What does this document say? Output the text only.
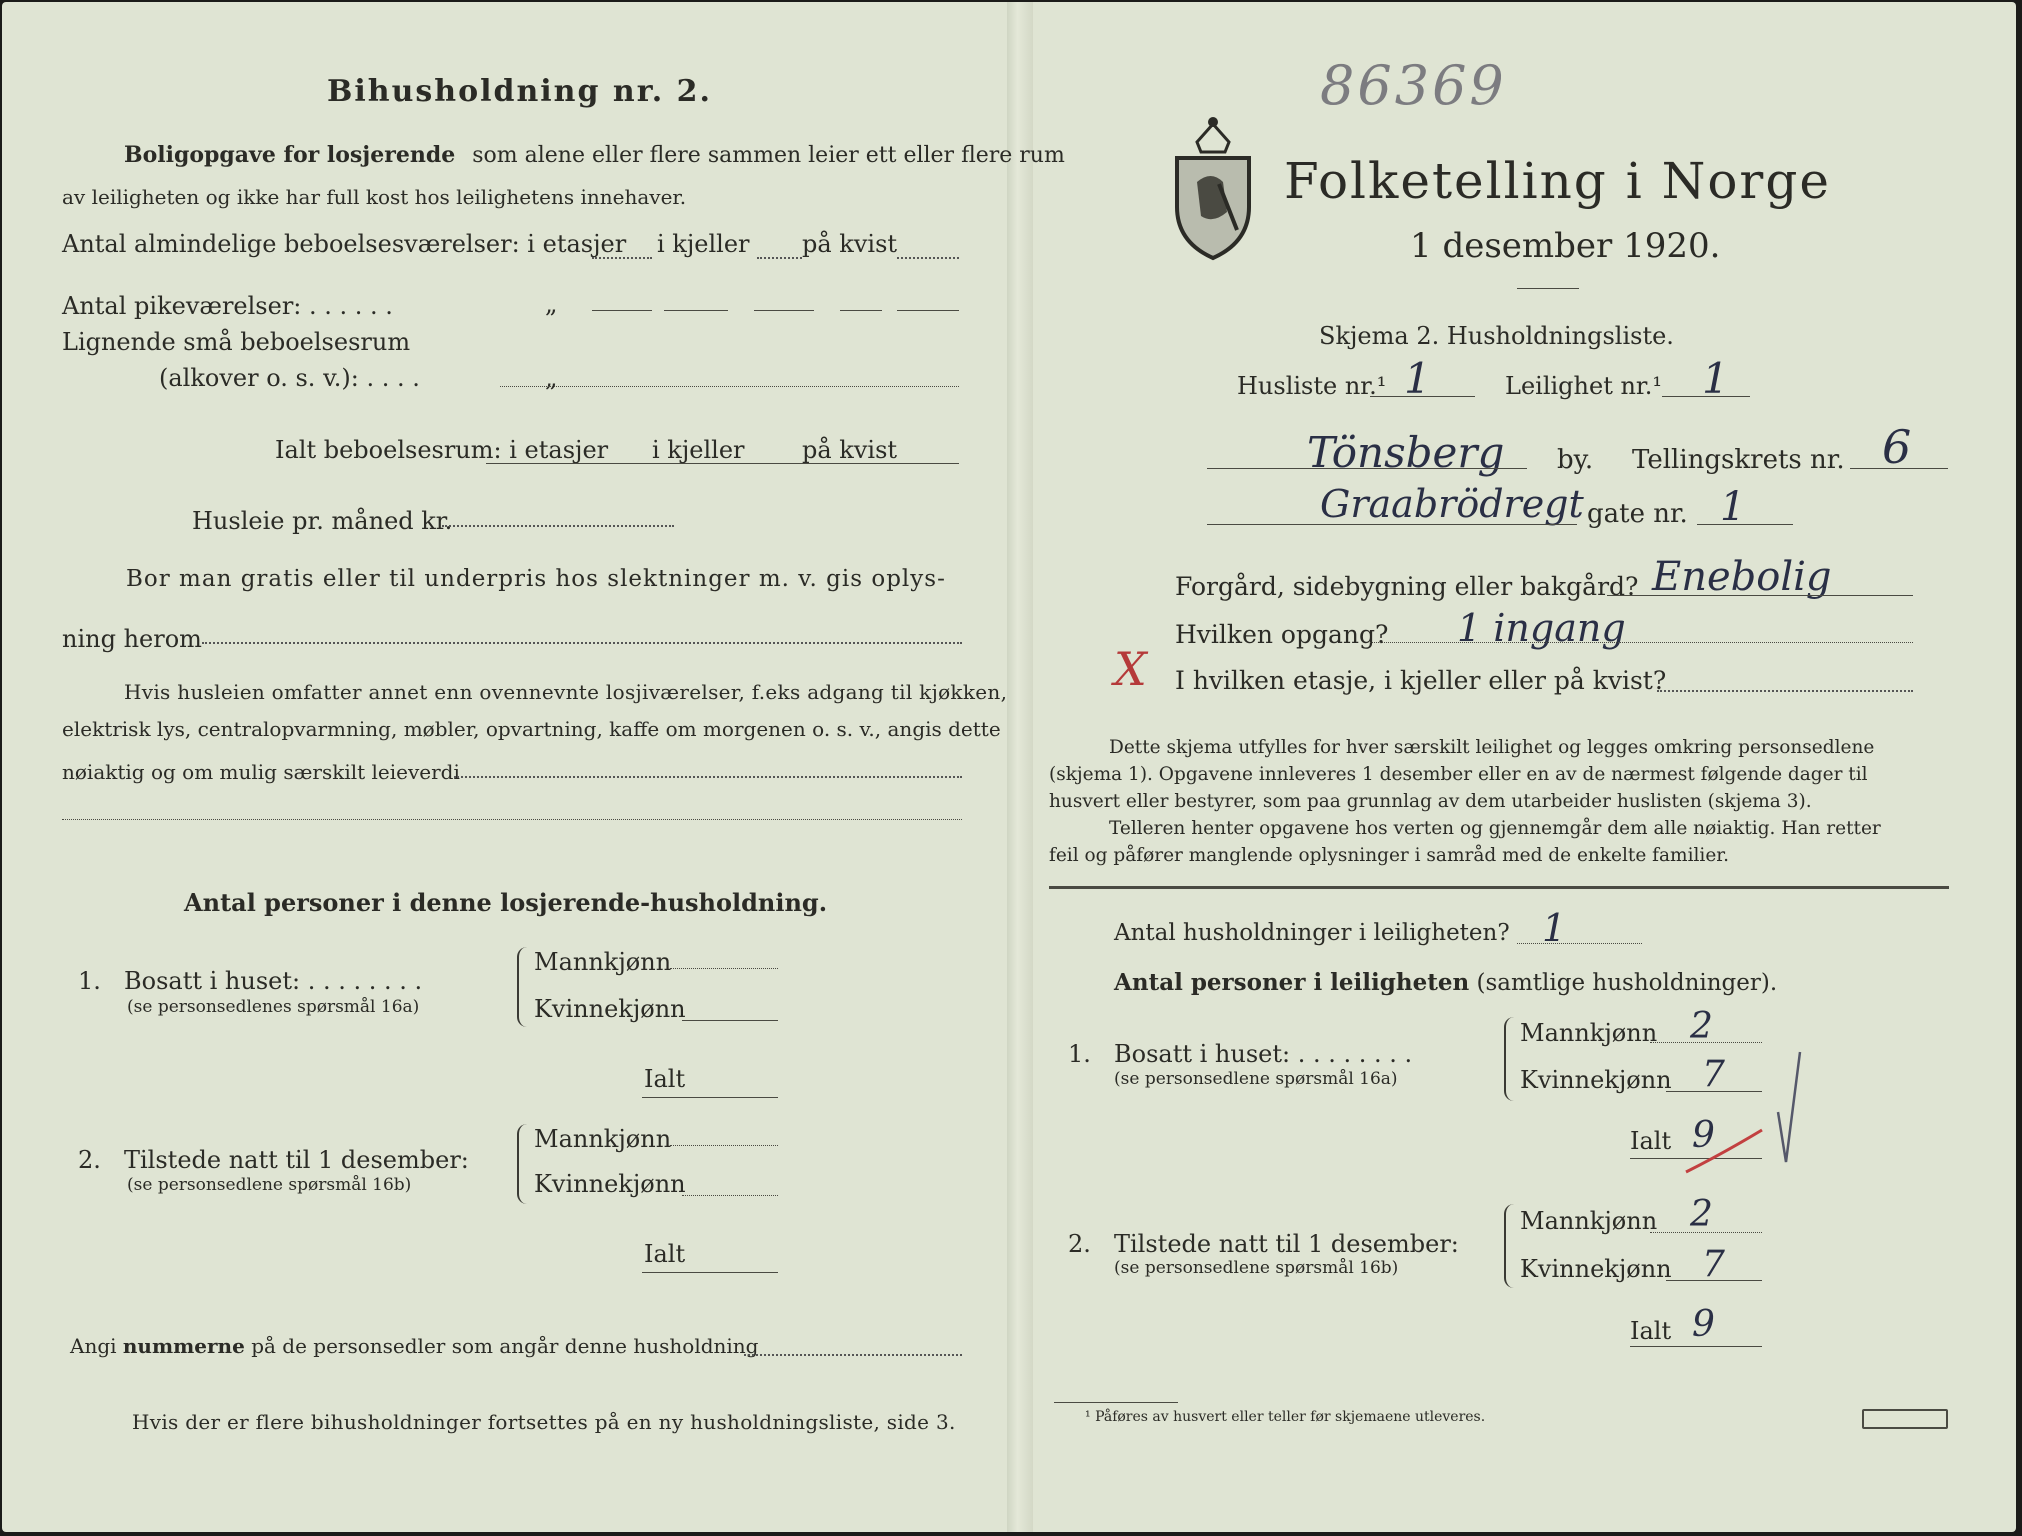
86369
Bihusholdning nr. 2.
Boligopgave for losjerende som alene eller flere sammen leier ett eller flere rum
av leiligheten og ikke har full kost hos leilighetens innehaver.
Antal almindelige beboelsesværelser: i etasjer i kjeller på kvist
Antal pikeværelser: . . . . . .	„
Lignende små beboelsesrum
(alkover o. s. v.): . . . .	„
Ialt beboelsesrum: i etasjer i kjeller på kvist
Husleie pr. måned kr.
Bor man gratis eller til underpris hos slektninger m. v. gis oplys-
ning herom
Hvis husleien omfatter annet enn ovennevnte losjiværelser, f.eks adgang til kjøkken,
elektrisk lys, centralopvarmning, møbler, opvartning, kaffe om morgenen o. s. v., angis dette
nøiaktig og om mulig særskilt leieverdi
Antal personer i denne losjerende-husholdning.
1. Bosatt i huset: . . . . . . . .
(se personsedlenes spørsmål 16a)
Mannkjønn
Kvinnekjønn
Ialt
2. Tilstede natt til 1 desember:
(se personsedlene spørsmål 16b)
Mannkjønn
Kvinnekjønn
Ialt
Angi nummerne på de personsedler som angår denne husholdning
Hvis der er flere bihusholdninger fortsettes på en ny husholdningsliste, side 3.
Folketelling i Norge
1 desember 1920.
Skjema 2. Husholdningsliste.
Husliste nr.¹ 1	Leilighet nr.¹ 1
Tönsberg by. Tellingskrets nr. 6
Graabrödregt gate nr. 1
Forgård, sidebygning eller bakgård? Enebolig
Hvilken opgang? 1 ingang
X I hvilken etasje, i kjeller eller på kvist?
Dette skjema utfylles for hver særskilt leilighet og legges omkring personsedlene
(skjema 1). Opgavene innleveres 1 desember eller en av de nærmest følgende dager til
husvert eller bestyrer, som paa grunnlag av dem utarbeider huslisten (skjema 3).
Telleren henter opgavene hos verten og gjennemgår dem alle nøiaktig. Han retter
feil og påfører manglende oplysninger i samråd med de enkelte familier.
Antal husholdninger i leiligheten? 1
Antal personer i leiligheten (samtlige husholdninger).
1. Bosatt i huset: . . . . . . . .
(se personsedlene spørsmål 16a)
Mannkjønn 2
Kvinnekjønn 7
Ialt 9
2. Tilstede natt til 1 desember:
(se personsedlene spørsmål 16b)
Mannkjønn 2
Kvinnekjønn 7
Ialt 9
¹ Påføres av husvert eller teller før skjemaene utleveres.
